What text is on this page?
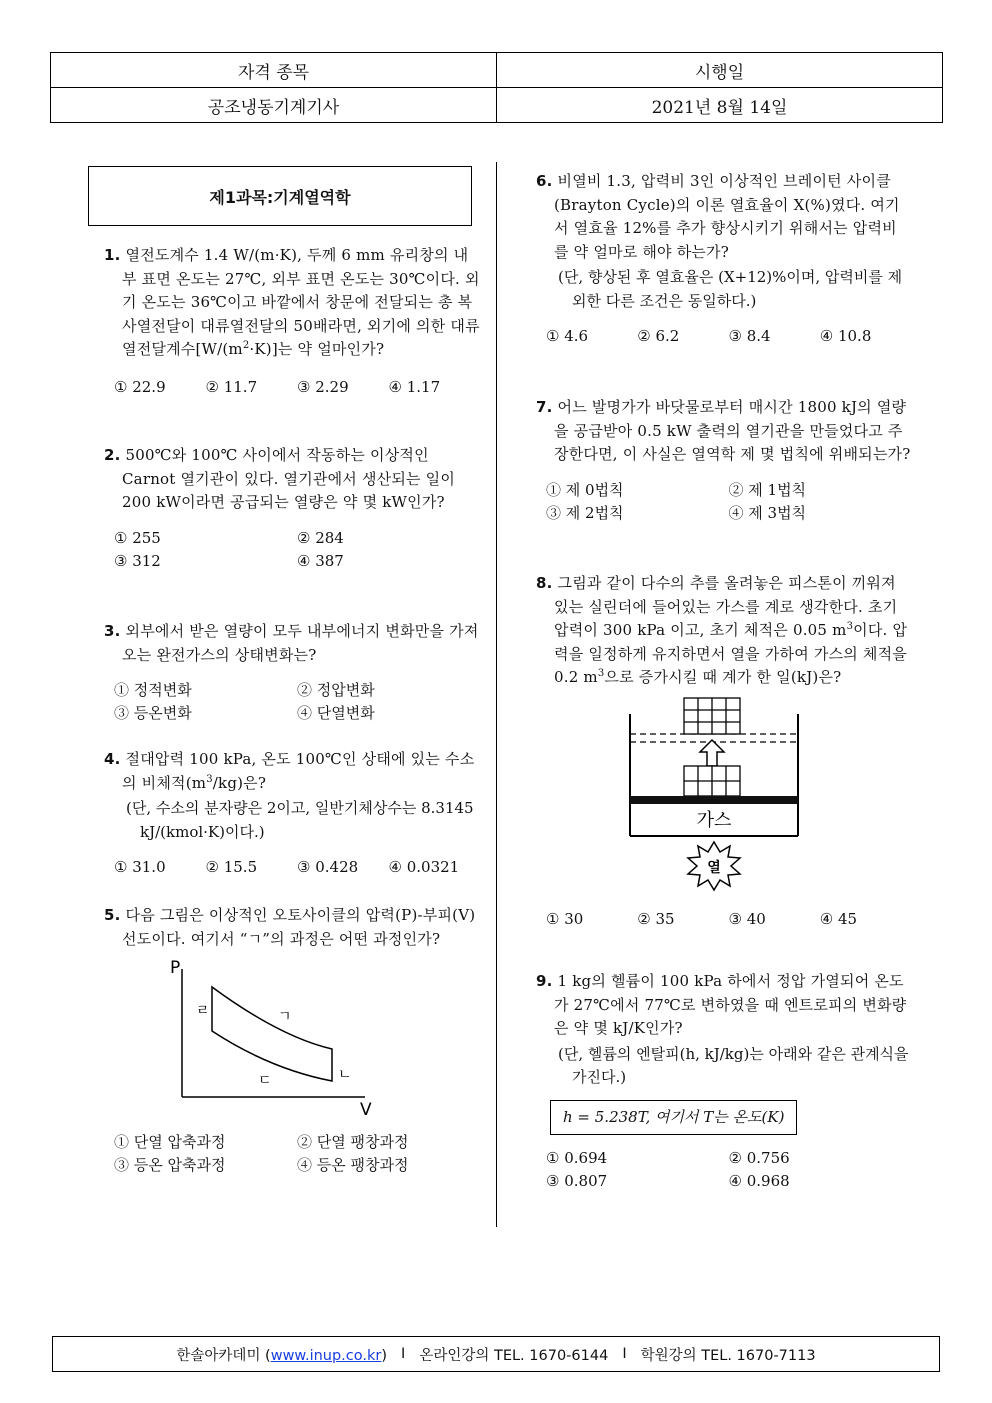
자격 종목	시행일
공조냉동기계기사	2021년 8월 14일
제1과목:기계열역학
1. 열전도계수 1.4 W/(m·K), 두께 6 mm 유리창의 내부 표면 온도는 27℃, 외부 표면 온도는 30℃이다. 외기 온도는 36℃이고 바깥에서 창문에 전달되는 총 복사열전달이 대류열전달의 50배라면, 외기에 의한 대류열전달계수$[W/(m^2\cdot K)]$는 약 얼마인가?
① 22.9	② 11.7	③ 2.29	④ 1.17
2. 500℃와 100℃ 사이에서 작동하는 이상적인 Carnot 열기관이 있다. 열기관에서 생산되는 일이 200 kW이라면 공급되는 열량은 약 몇 kW인가?
① 255	② 284
③ 312	④ 387
3. 외부에서 받은 열량이 모두 내부에너지 변화만을 가져오는 완전가스의 상태변화는?
① 정적변화	② 정압변화
③ 등온변화	④ 단열변화
4. 절대압력 100 kPa, 온도 100℃인 상태에 있는 수소의 비체적$(m^3/kg)$은?
(단, 수소의 분자량은 2이고, 일반기체상수는 8.3145 kJ/(kmol·K)이다.)
① 31.0	② 15.5	③ 0.428	④ 0.0321
5. 다음 그림은 이상적인 오토사이클의 압력(P)-부피(V)선도이다. 여기서 “ㄱ”의 과정은 어떤 과정인가?
P
V
ㄱ
ㄴ
ㄷ
ㄹ
① 단열 압축과정	② 단열 팽창과정
③ 등온 압축과정	④ 등온 팽창과정
6. 비열비 1.3, 압력비 3인 이상적인 브레이턴 사이클(Brayton Cycle)의 이론 열효율이 X(%)였다. 여기서 열효율 12%를 추가 향상시키기 위해서는 압력비를 약 얼마로 해야 하는가?
(단, 향상된 후 열효율은 (X+12)%이며, 압력비를 제외한 다른 조건은 동일하다.)
① 4.6	② 6.2	③ 8.4	④ 10.8
7. 어느 발명가가 바닷물로부터 매시간 1800 kJ의 열량을 공급받아 0.5 kW 출력의 열기관을 만들었다고 주장한다면, 이 사실은 열역학 제 몇 법칙에 위배되는가?
① 제 0법칙	② 제 1법칙
③ 제 2법칙	④ 제 3법칙
8. 그림과 같이 다수의 추를 올려놓은 피스톤이 끼워져 있는 실린더에 들어있는 가스를 계로 생각한다. 초기 압력이 300 kPa 이고, 초기 체적은 0.05 $m^3$이다. 압력을 일정하게 유지하면서 열을 가하여 가스의 체적을 0.2 $m^3$으로 증가시킬 때 계가 한 일(kJ)은?
가스
열
① 30	② 35	③ 40	④ 45
9. 1 kg의 헬륨이 100 kPa 하에서 정압 가열되어 온도가 27℃에서 77℃로 변하였을 때 엔트로피의 변화량은 약 몇 kJ/K인가?
(단, 헬륨의 엔탈피(h, kJ/kg)는 아래와 같은 관계식을 가진다.)
h = 5.238T, 여기서 T는 온도(K)
① 0.694	② 0.756
③ 0.807	④ 0.968
한솔아카데미 (www.inup.co.kr) I 온라인강의 TEL. 1670-6144 I 학원강의 TEL. 1670-7113
